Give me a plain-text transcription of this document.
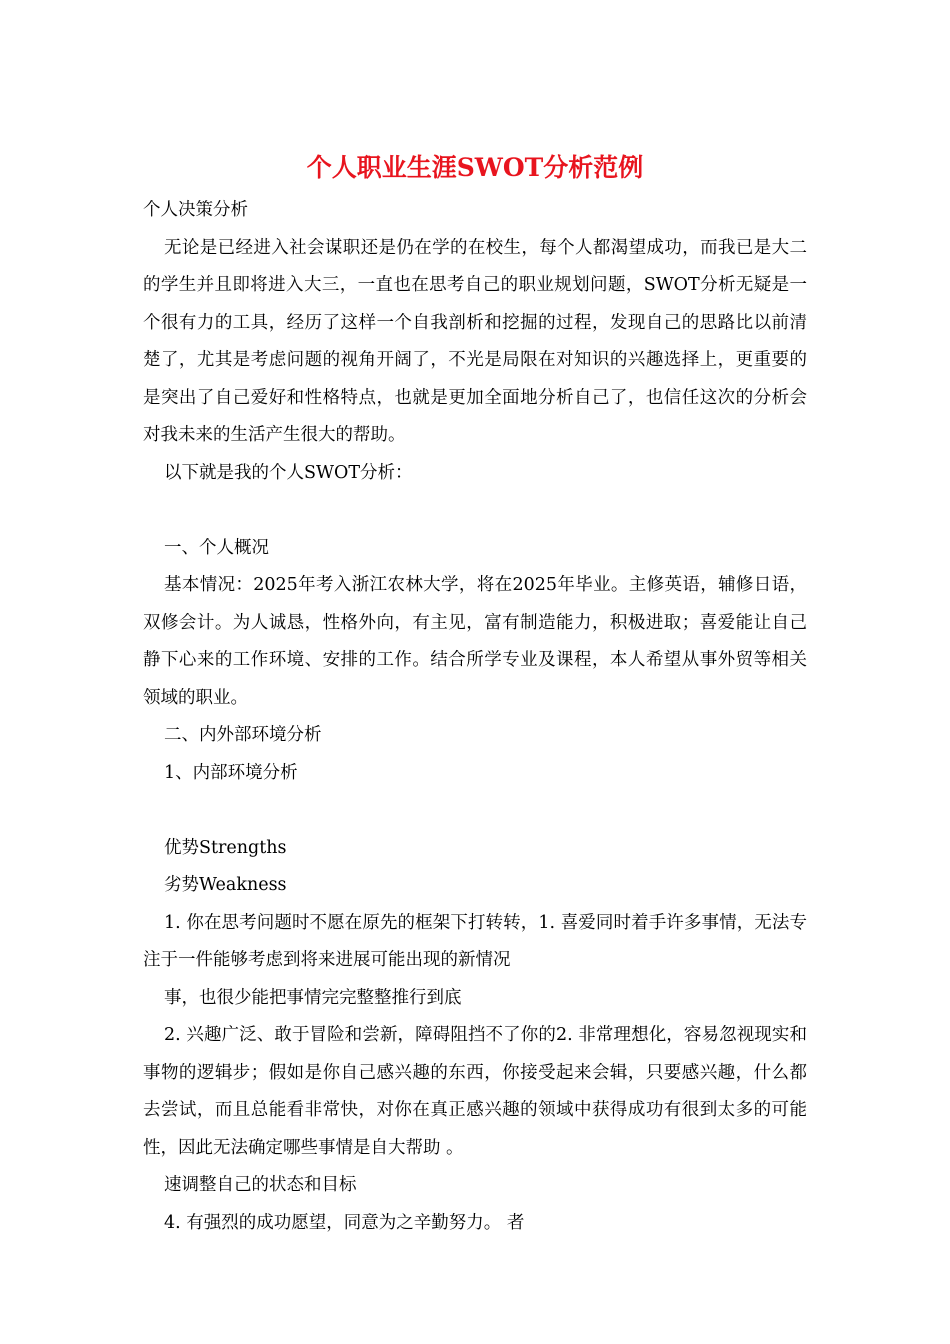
个人职业生涯SWOT分析范例

个人决策分析

无论是已经进入社会谋职还是仍在学的在校生，每个人都渴望成功，而我已是大二的学生并且即将进入大三，一直也在思考自己的职业规划问题，SWOT分析无疑是一个很有力的工具，经历了这样一个自我剖析和挖掘的过程，发现自己的思路比以前清楚了，尤其是考虑问题的视角开阔了，不光是局限在对知识的兴趣选择上，更重要的是突出了自己爱好和性格特点，也就是更加全面地分析自己了，也信任这次的分析会对我未来的生活产生很大的帮助。

以下就是我的个人SWOT分析：

一、个人概况

基本情况：2025年考入浙江农林大学，将在2025年毕业。主修英语，辅修日语，双修会计。为人诚恳，性格外向，有主见，富有制造能力，积极进取；喜爱能让自己静下心来的工作环境、安排的工作。结合所学专业及课程，本人希望从事外贸等相关领域的职业。

二、内外部环境分析

1、内部环境分析

优势Strengths

劣势Weakness

1. 你在思考问题时不愿在原先的框架下打转转，1. 喜爱同时着手许多事情，无法专注于一件能够考虑到将来进展可能出现的新情况

事，也很少能把事情完完整整推行到底

2. 兴趣广泛、敢于冒险和尝新，障碍阻挡不了你的2. 非常理想化，容易忽视现实和事物的逻辑步；假如是你自己感兴趣的东西，你接受起来会辑，只要感兴趣，什么都去尝试，而且总能看非常快，对你在真正感兴趣的领域中获得成功有很到太多的可能性，因此无法确定哪些事情是自大帮助 。

速调整自己的状态和目标

4. 有强烈的成功愿望，同意为之辛勤努力。 者
